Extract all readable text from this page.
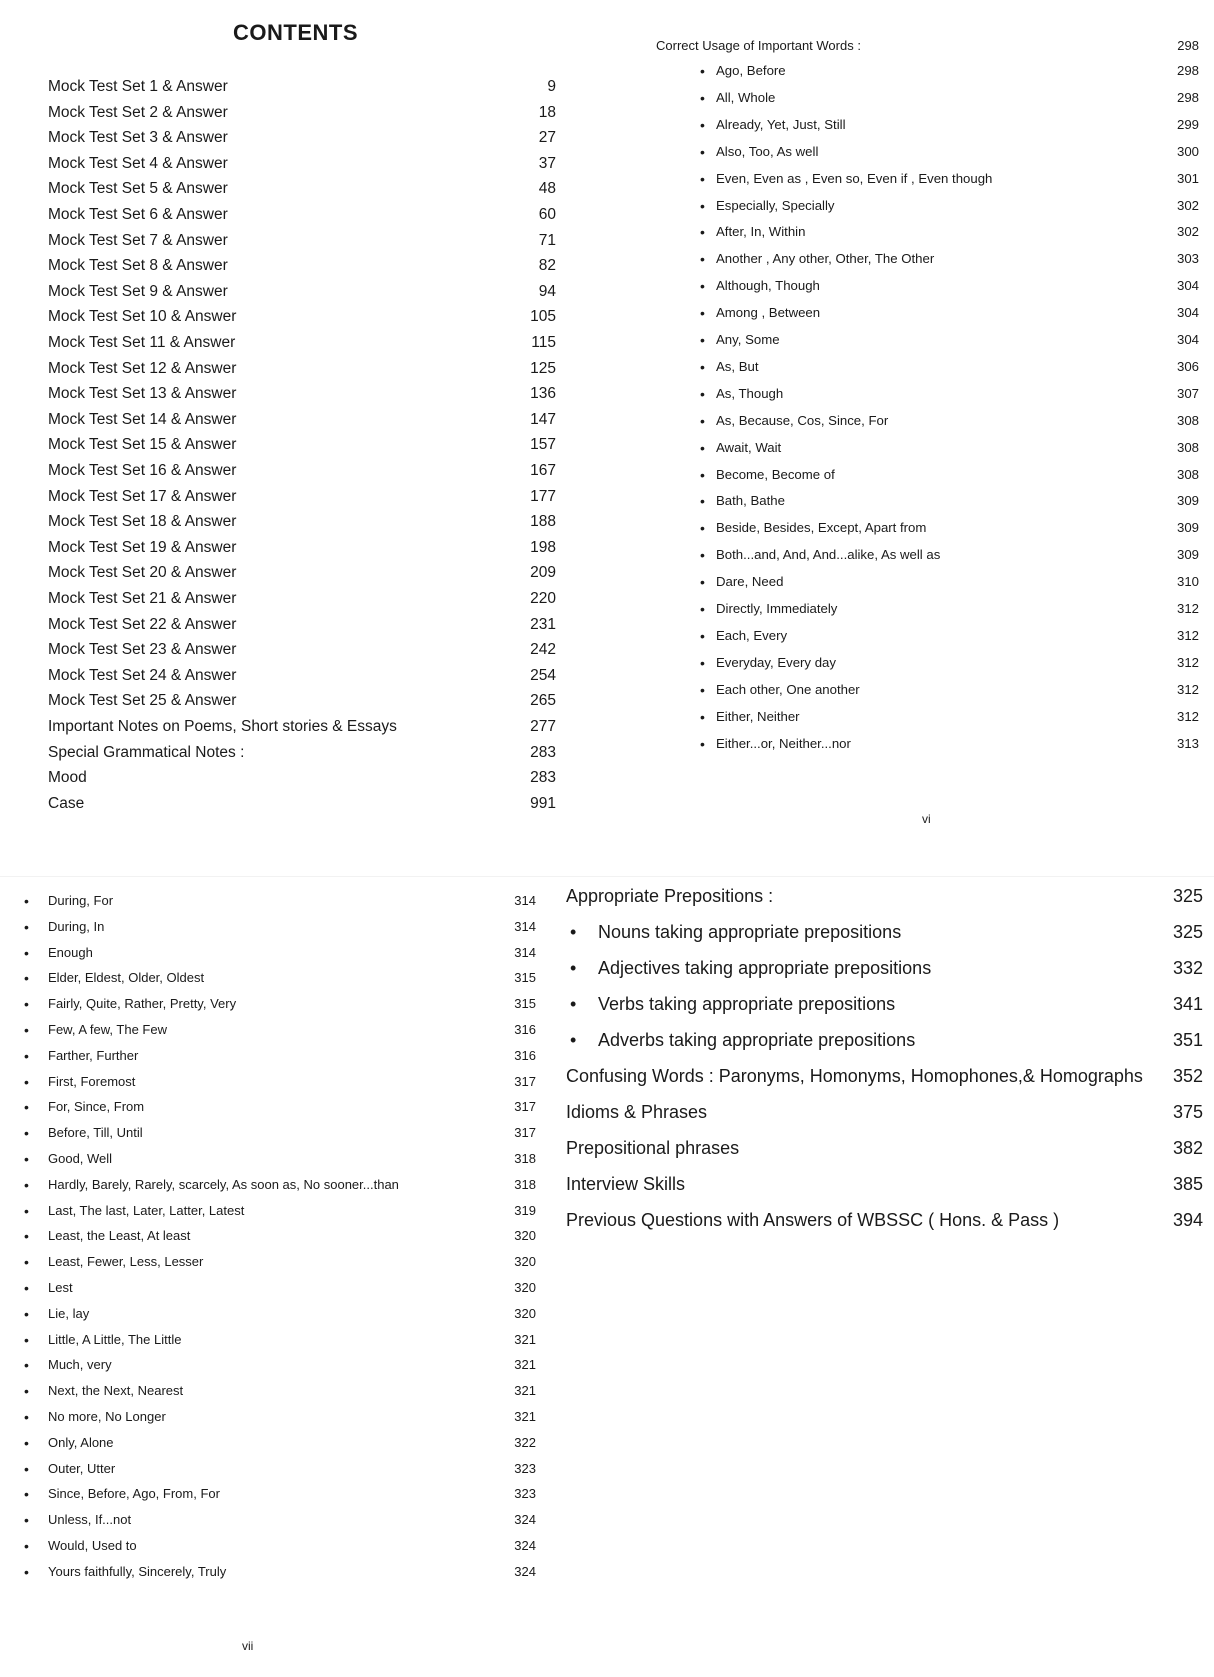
CONTENTS
Mock Test Set 1 & Answer	9
Mock Test Set 2 & Answer	18
Mock Test Set 3 & Answer	27
Mock Test Set 4 & Answer	37
Mock Test Set 5 & Answer	48
Mock Test Set 6 & Answer	60
Mock Test Set 7 & Answer	71
Mock Test Set 8 & Answer	82
Mock Test Set 9 & Answer	94
Mock Test Set 10 & Answer	105
Mock Test Set 11 & Answer	115
Mock Test Set 12 & Answer	125
Mock Test Set 13 & Answer	136
Mock Test Set 14 & Answer	147
Mock Test Set 15 & Answer	157
Mock Test Set 16 & Answer	167
Mock Test Set 17 & Answer	177
Mock Test Set 18 & Answer	188
Mock Test Set 19 & Answer	198
Mock Test Set 20 & Answer	209
Mock Test Set 21 & Answer	220
Mock Test Set 22 & Answer	231
Mock Test Set 23 & Answer	242
Mock Test Set 24 & Answer	254
Mock Test Set 25 & Answer	265
Important Notes on Poems, Short stories & Essays	277
Special Grammatical Notes :	283
Mood	283
Case	991
Correct Usage of Important Words :	298
• Ago, Before	298
• All, Whole	298
• Already, Yet, Just, Still	299
• Also, Too, As well	300
• Even, Even as , Even so, Even if , Even though	301
• Especially, Specially	302
• After, In, Within	302
• Another , Any other, Other, The Other	303
• Although, Though	304
• Among , Between	304
• Any, Some	304
• As, But	306
• As, Though	307
• As, Because, Cos, Since, For	308
• Await, Wait	308
• Become, Become of	308
• Bath, Bathe	309
• Beside, Besides, Except, Apart from	309
• Both...and, And, And...alike, As well as	309
• Dare, Need	310
• Directly, Immediately	312
• Each, Every	312
• Everyday, Every day	312
• Each other, One another	312
• Either, Neither	312
• Either...or, Neither...nor	313
vi
• During, For	314
• During, In	314
• Enough	314
• Elder, Eldest, Older, Oldest	315
• Fairly, Quite, Rather, Pretty, Very	315
• Few, A few, The Few	316
• Farther, Further	316
• First, Foremost	317
• For, Since, From	317
• Before, Till, Until	317
• Good, Well	318
• Hardly, Barely, Rarely, scarcely, As soon as, No sooner...than	318
• Last, The last, Later, Latter, Latest	319
• Least, the Least, At least	320
• Least, Fewer, Less, Lesser	320
• Lest	320
• Lie, lay	320
• Little, A Little, The Little	321
• Much, very	321
• Next, the Next, Nearest	321
• No more, No Longer	321
• Only, Alone	322
• Outer, Utter	323
• Since, Before, Ago, From, For	323
• Unless, If...not	324
• Would, Used to	324
• Yours faithfully, Sincerely, Truly	324
vii
Appropriate Prepositions :	325
•	Nouns taking appropriate prepositions	325
•	Adjectives taking appropriate prepositions	332
•	Verbs taking appropriate prepositions	341
•	Adverbs taking appropriate prepositions	351
Confusing Words : Paronyms, Homonyms, Homophones,& Homographs 352
Idioms & Phrases	375
Prepositional phrases	382
Interview Skills	385
Previous Questions with Answers of WBSSC ( Hons. & Pass )	394
